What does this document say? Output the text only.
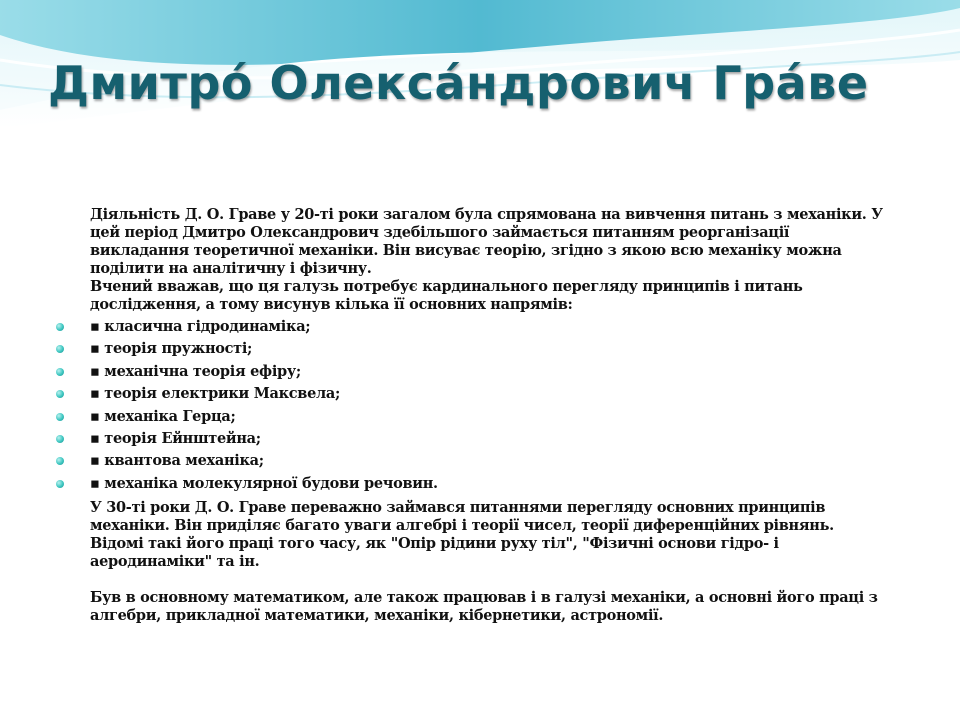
Дмитро́ Олекса́ндрович Гра́ве

Діяльність Д. О. Граве у 20-ті роки загалом була спрямована на вивчення питань з механіки. У цей період Дмитро Олександрович здебільшого займається питанням реорганізації викладання теоретичної механіки. Він висуває теорію, згідно з якою всю механіку можна поділити на аналітичну і фізичну.

Вчений вважав, що ця галузь потребує кардинального перегляду принципів і питань дослідження, а тому висунув кілька її основних напрямів:

▪ класична гідродинаміка;
▪ теорія пружності;
▪ механічна теорія ефіру;
▪ теорія електрики Максвела;
▪ механіка Герца;
▪ теорія Ейнштейна;
▪ квантова механіка;
▪ механіка молекулярної будови речовин.

У 30-ті роки Д. О. Граве переважно займався питаннями перегляду основних принципів механіки. Він приділяє багато уваги алгебрі і теорії чисел, теорії диференційних рівнянь. Відомі такі його праці того часу, як "Опір рідини руху тіл", "Фізичні основи гідро- і аеродинаміки" та ін.

Був в основному математиком, але також працював і в галузі механіки, а основні його праці з алгебри, прикладної математики, механіки, кібернетики, астрономії.
